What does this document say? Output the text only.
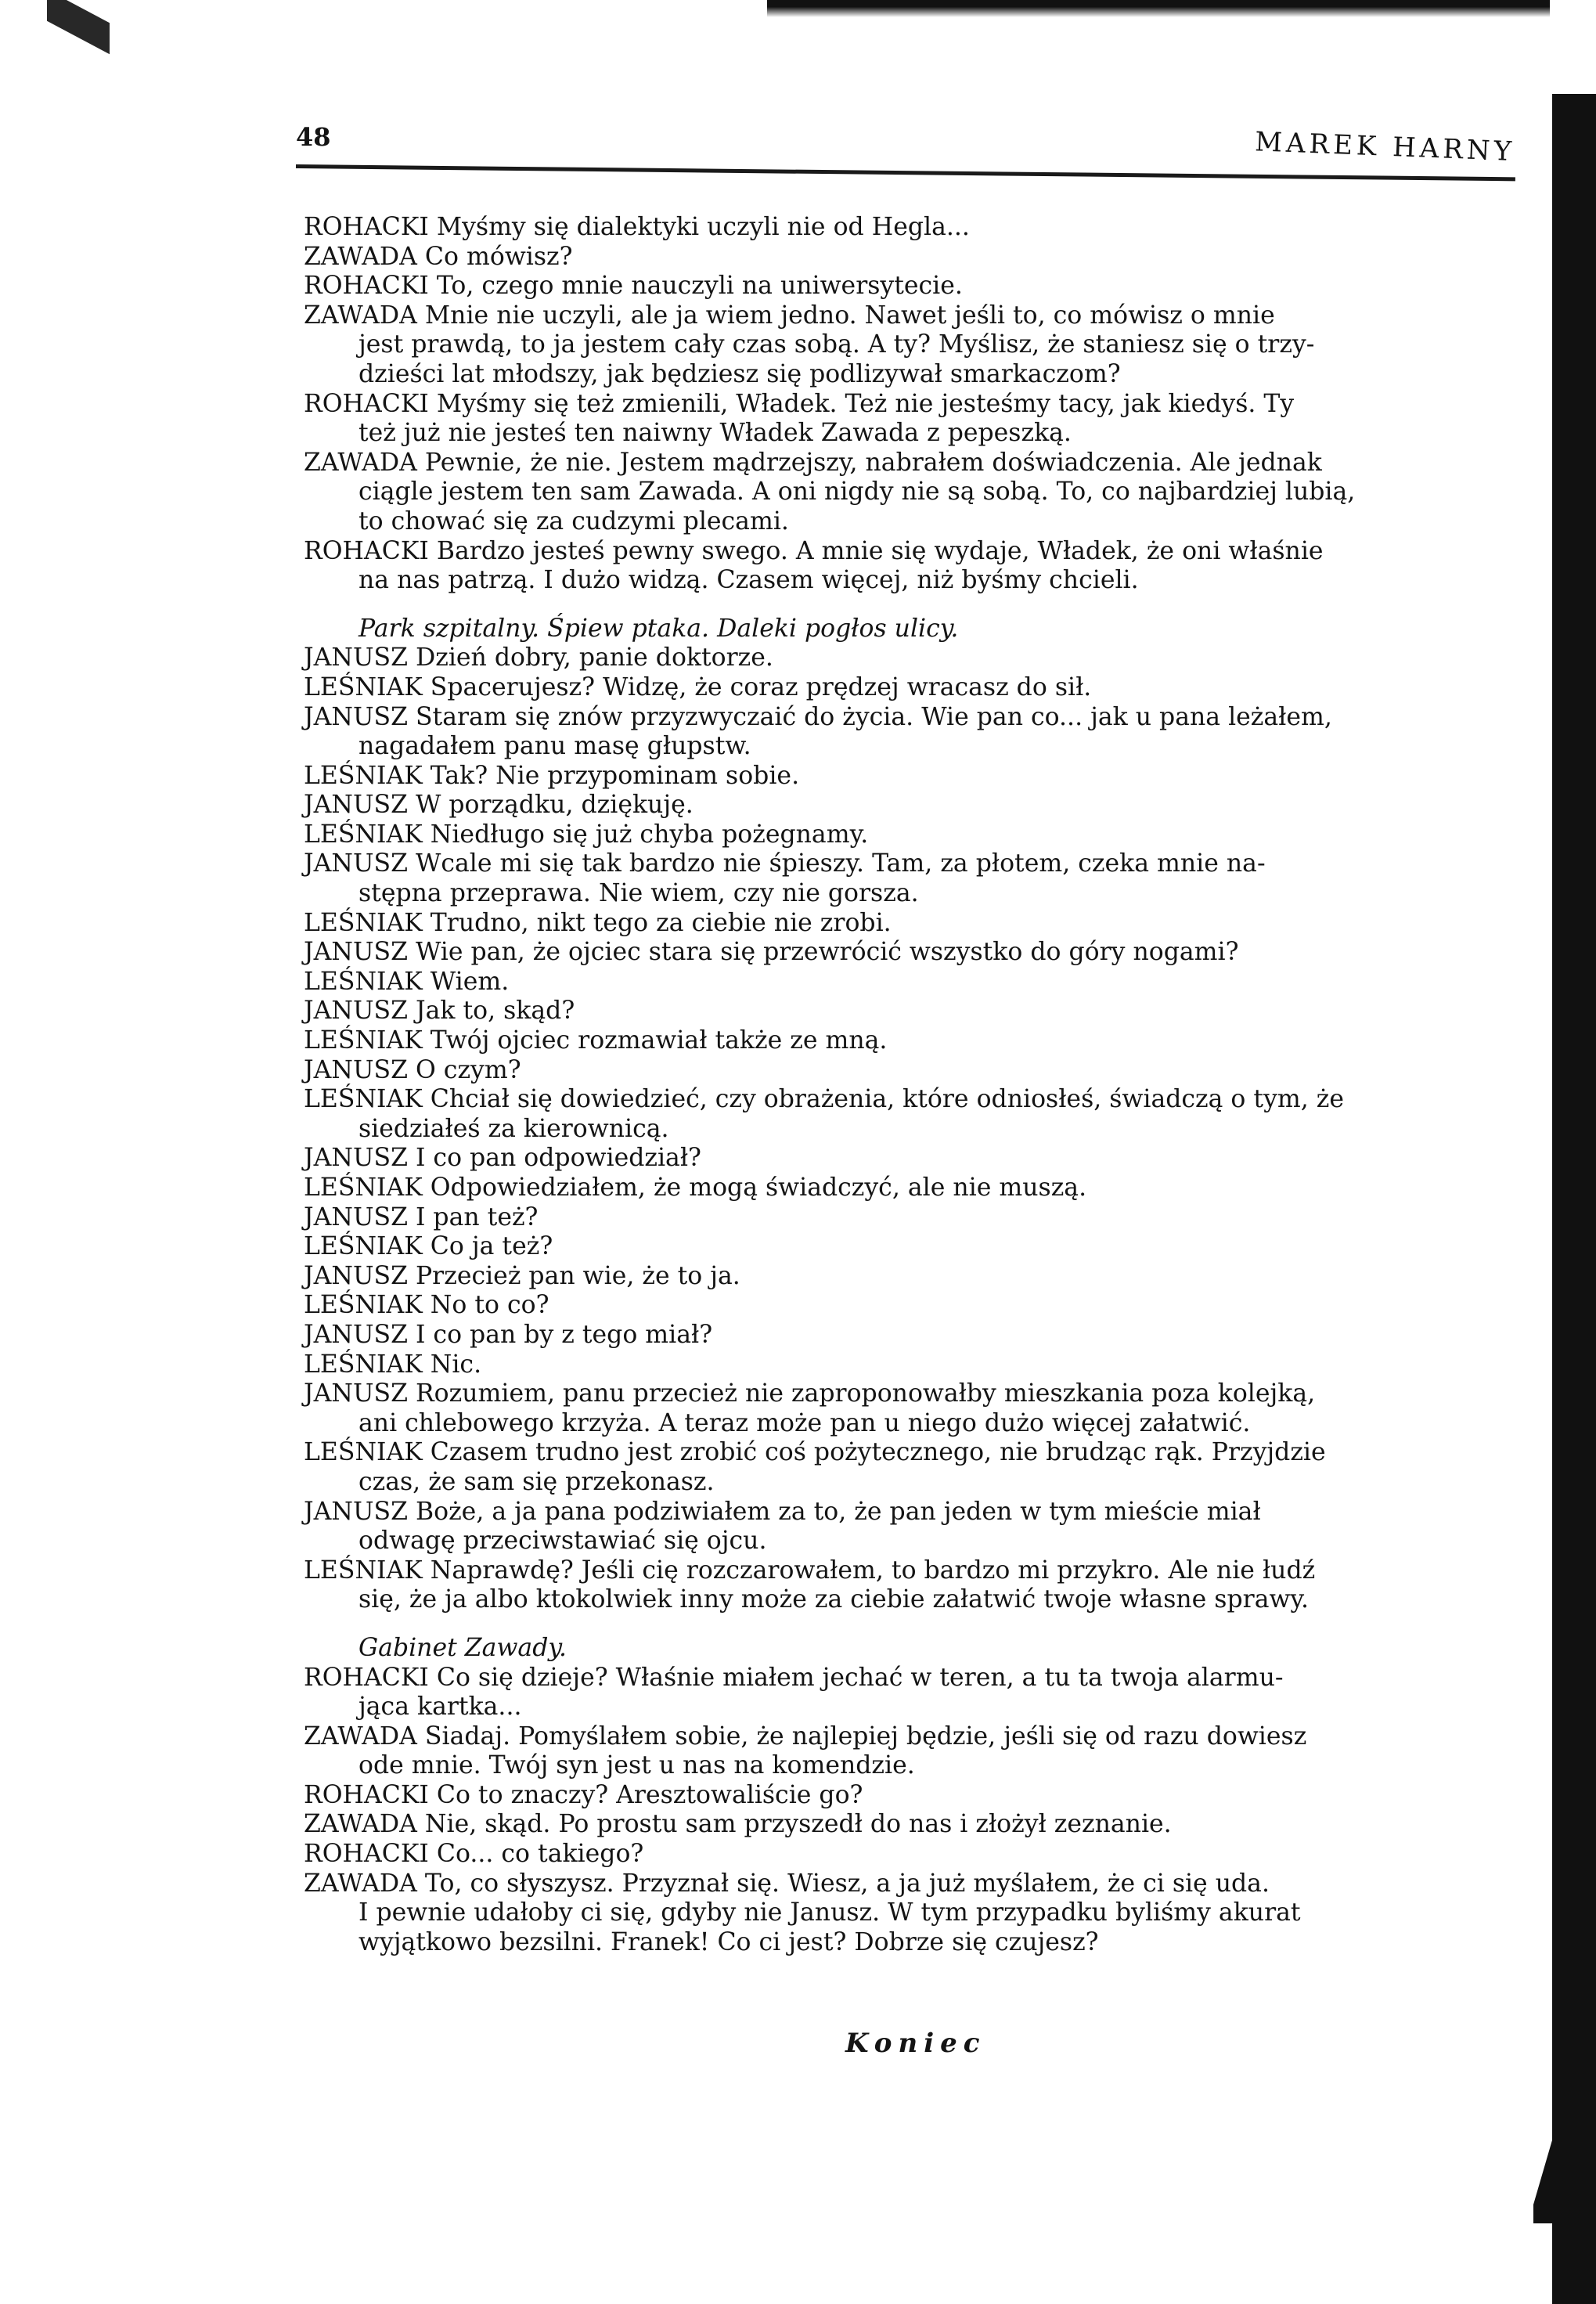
48	MAREK HARNY
ROHACKI Myśmy się dialektyki uczyli nie od Hegla...
ZAWADA Co mówisz?
ROHACKI To, czego mnie nauczyli na uniwersytecie.
ZAWADA Mnie nie uczyli, ale ja wiem jedno. Nawet jeśli to, co mówisz o mnie
jest prawdą, to ja jestem cały czas sobą. A ty? Myślisz, że staniesz się o trzy-
dzieści lat młodszy, jak będziesz się podlizywał smarkaczom?
ROHACKI Myśmy się też zmienili, Władek. Też nie jesteśmy tacy, jak kiedyś. Ty
też już nie jesteś ten naiwny Władek Zawada z pepeszką.
ZAWADA Pewnie, że nie. Jestem mądrzejszy, nabrałem doświadczenia. Ale jednak
ciągle jestem ten sam Zawada. A oni nigdy nie są sobą. To, co najbardziej lubią,
to chować się za cudzymi plecami.
ROHACKI Bardzo jesteś pewny swego. A mnie się wydaje, Władek, że oni właśnie
na nas patrzą. I dużo widzą. Czasem więcej, niż byśmy chcieli.
Park szpitalny. Śpiew ptaka. Daleki pogłos ulicy.
JANUSZ Dzień dobry, panie doktorze.
LEŚNIAK Spacerujesz? Widzę, że coraz prędzej wracasz do sił.
JANUSZ Staram się znów przyzwyczaić do życia. Wie pan co... jak u pana leżałem,
nagadałem panu masę głupstw.
LEŚNIAK Tak? Nie przypominam sobie.
JANUSZ W porządku, dziękuję.
LEŚNIAK Niedługo się już chyba pożegnamy.
JANUSZ Wcale mi się tak bardzo nie śpieszy. Tam, za płotem, czeka mnie na-
stępna przeprawa. Nie wiem, czy nie gorsza.
LEŚNIAK Trudno, nikt tego za ciebie nie zrobi.
JANUSZ Wie pan, że ojciec stara się przewrócić wszystko do góry nogami?
LEŚNIAK Wiem.
JANUSZ Jak to, skąd?
LEŚNIAK Twój ojciec rozmawiał także ze mną.
JANUSZ O czym?
LEŚNIAK Chciał się dowiedzieć, czy obrażenia, które odniosłeś, świadczą o tym, że
siedziałeś za kierownicą.
JANUSZ I co pan odpowiedział?
LEŚNIAK Odpowiedziałem, że mogą świadczyć, ale nie muszą.
JANUSZ I pan też?
LEŚNIAK Co ja też?
JANUSZ Przecież pan wie, że to ja.
LEŚNIAK No to co?
JANUSZ I co pan by z tego miał?
LEŚNIAK Nic.
JANUSZ Rozumiem, panu przecież nie zaproponowałby mieszkania poza kolejką,
ani chlebowego krzyża. A teraz może pan u niego dużo więcej załatwić.
LEŚNIAK Czasem trudno jest zrobić coś pożytecznego, nie brudząc rąk. Przyjdzie
czas, że sam się przekonasz.
JANUSZ Boże, a ja pana podziwiałem za to, że pan jeden w tym mieście miał
odwagę przeciwstawiać się ojcu.
LEŚNIAK Naprawdę? Jeśli cię rozczarowałem, to bardzo mi przykro. Ale nie łudź
się, że ja albo ktokolwiek inny może za ciebie załatwić twoje własne sprawy.
Gabinet Zawady.
ROHACKI Co się dzieje? Właśnie miałem jechać w teren, a tu ta twoja alarmu-
jąca kartka...
ZAWADA Siadaj. Pomyślałem sobie, że najlepiej będzie, jeśli się od razu dowiesz
ode mnie. Twój syn jest u nas na komendzie.
ROHACKI Co to znaczy? Aresztowaliście go?
ZAWADA Nie, skąd. Po prostu sam przyszedł do nas i złożył zeznanie.
ROHACKI Co... co takiego?
ZAWADA To, co słyszysz. Przyznał się. Wiesz, a ja już myślałem, że ci się uda.
I pewnie udałoby ci się, gdyby nie Janusz. W tym przypadku byliśmy akurat
wyjątkowo bezsilni. Franek! Co ci jest? Dobrze się czujesz?
Koniec
